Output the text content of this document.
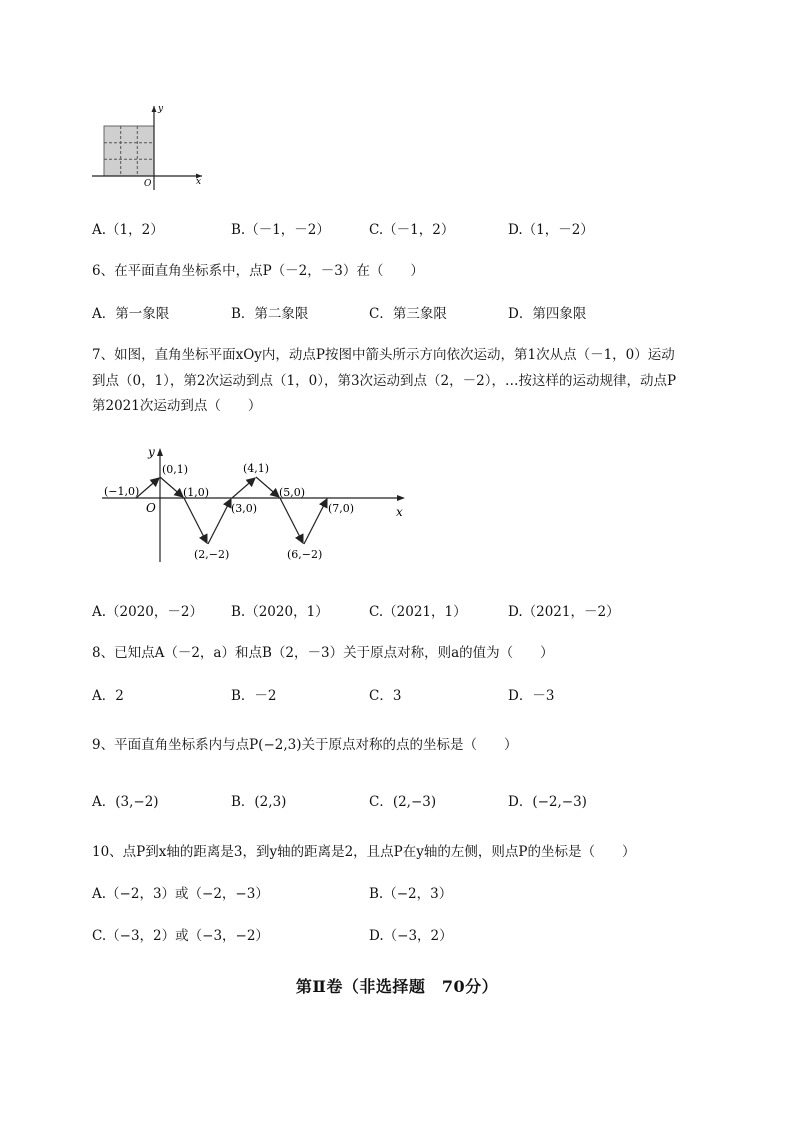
y
x
O
A.（1，2）	B.（－1，－2）	C.（－1，2）	D.（1，－2）
6、在平面直角坐标系中，点P（－2，－3）在（　　）
A．第一象限	B．第二象限	C．第三象限	D．第四象限
7、如图，直角坐标平面xOy内，动点P按图中箭头所示方向依次运动，第1次从点（－1，0）运动
到点（0，1），第2次运动到点（1，0），第3次运动到点（2，－2），…按这样的运动规律，动点P
第2021次运动到点（　　）
y
x
O
(−1,0)
(0,1)
(1,0)
(2,−2)
(3,0)
(4,1)
(5,0)
(6,−2)
(7,0)
A.（2020，－2） B.（2020，1）	C.（2021，1）	D.（2021，－2）
8、已知点A（－2，a）和点B（2，－3）关于原点对称，则a的值为（　　）
A．2	B．－2	C．3	D．－3
9、平面直角坐标系内与点P(−2,3)关于原点对称的点的坐标是（　　）
A．(3,−2)	B．(2,3)	C．(2,−3)	D．(−2,−3)
10、点P到x轴的距离是3，到y轴的距离是2，且点P在y轴的左侧，则点P的坐标是（　　）
A.（−2，3）或（−2，−3）	B.（−2，3）
C.（−3，2）或（−3，−2）	D.（−3，2）
第Ⅱ卷（非选择题　70分）
